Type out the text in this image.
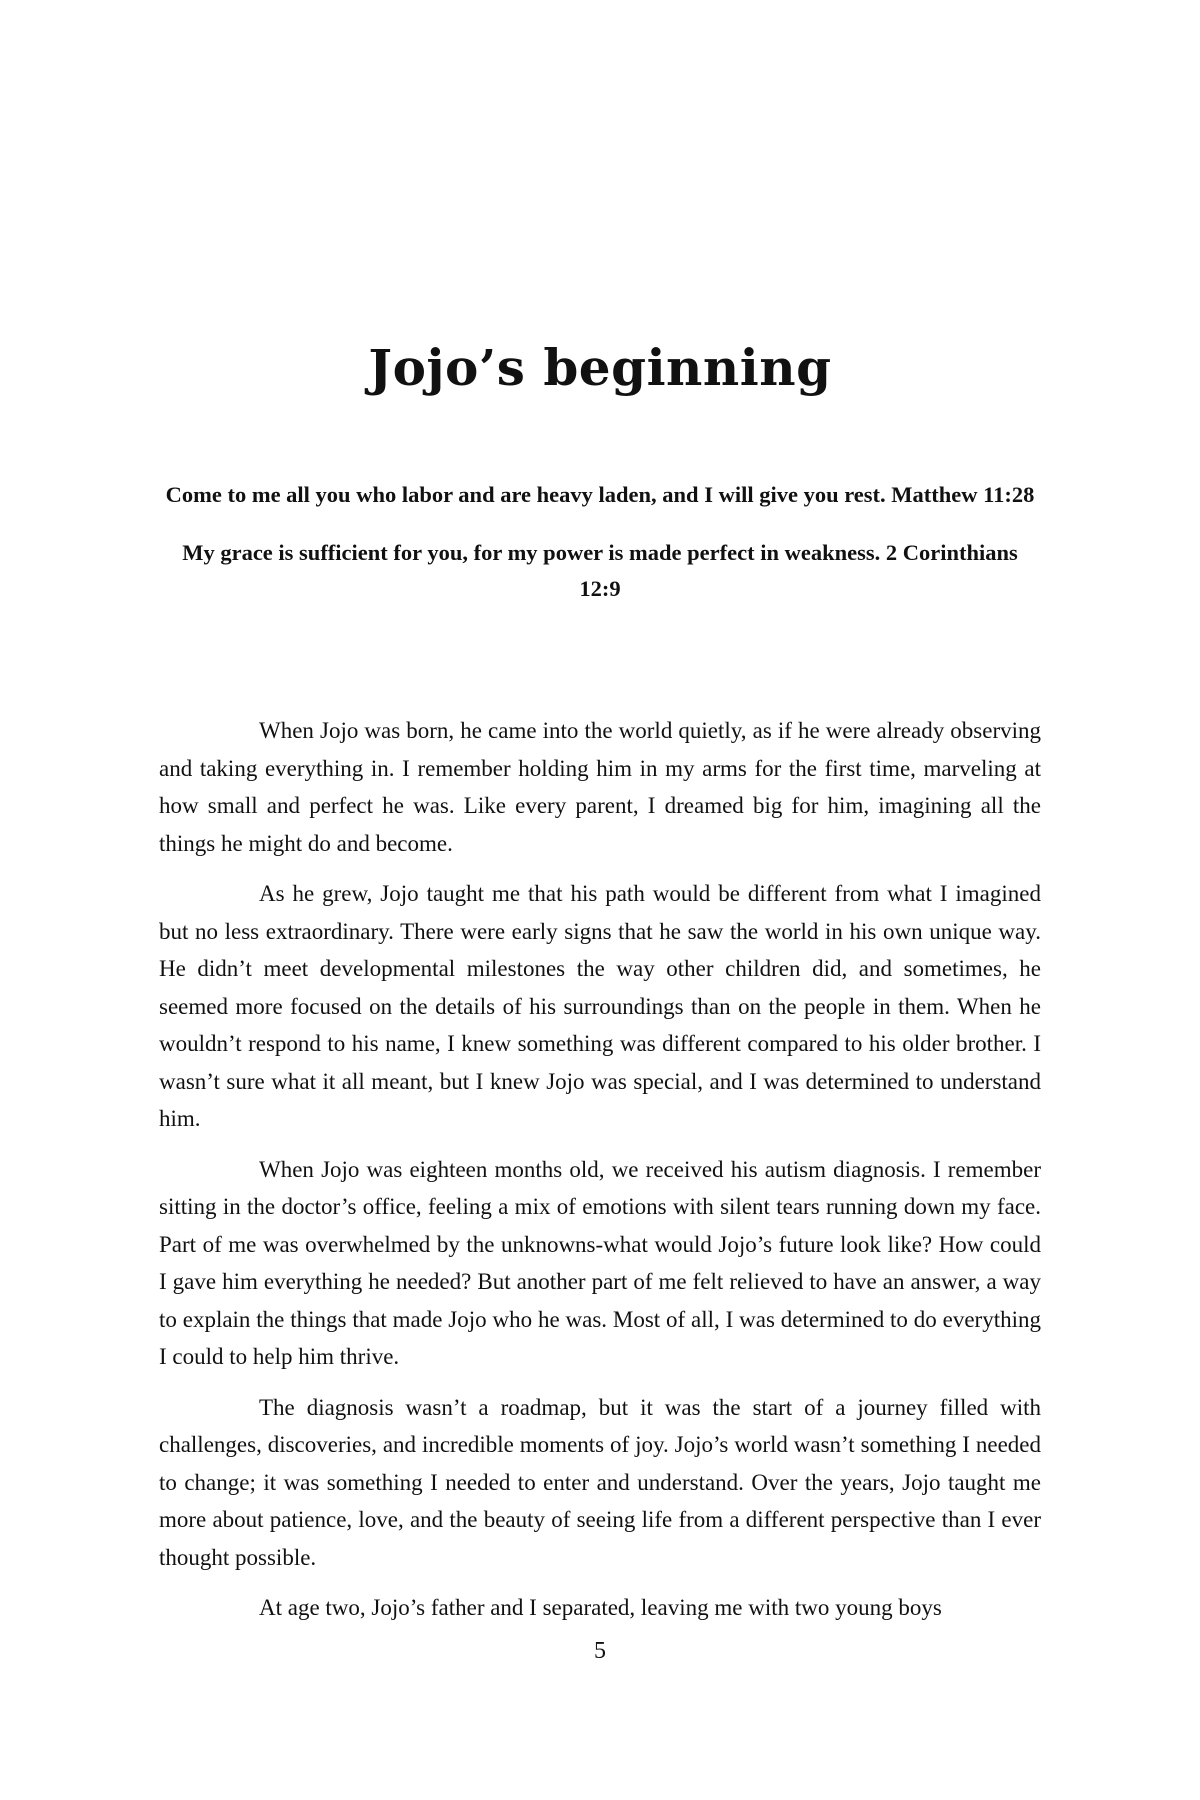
Jojo’s beginning

Come to me all you who labor and are heavy laden, and I will give you rest. Matthew 11:28

My grace is sufficient for you, for my power is made perfect in weakness. 2 Corinthians 12:9

When Jojo was born, he came into the world quietly, as if he were already observing and taking everything in. I remember holding him in my arms for the first time, marveling at how small and perfect he was. Like every parent, I dreamed big for him, imagining all the things he might do and become.

As he grew, Jojo taught me that his path would be different from what I imagined but no less extraordinary. There were early signs that he saw the world in his own unique way. He didn’t meet developmental milestones the way other children did, and sometimes, he seemed more focused on the details of his surroundings than on the people in them. When he wouldn’t respond to his name, I knew something was different compared to his older brother. I wasn’t sure what it all meant, but I knew Jojo was special, and I was determined to understand him.

When Jojo was eighteen months old, we received his autism diagnosis. I remember sitting in the doctor’s office, feeling a mix of emotions with silent tears running down my face. Part of me was overwhelmed by the unknowns-what would Jojo’s future look like? How could I gave him everything he needed? But another part of me felt relieved to have an answer, a way to explain the things that made Jojo who he was. Most of all, I was determined to do everything I could to help him thrive.

The diagnosis wasn’t a roadmap, but it was the start of a journey filled with challenges, discoveries, and incredible moments of joy. Jojo’s world wasn’t something I needed to change; it was something I needed to enter and understand. Over the years, Jojo taught me more about patience, love, and the beauty of seeing life from a different perspective than I ever thought possible.

At age two, Jojo’s father and I separated, leaving me with two young boys

5
